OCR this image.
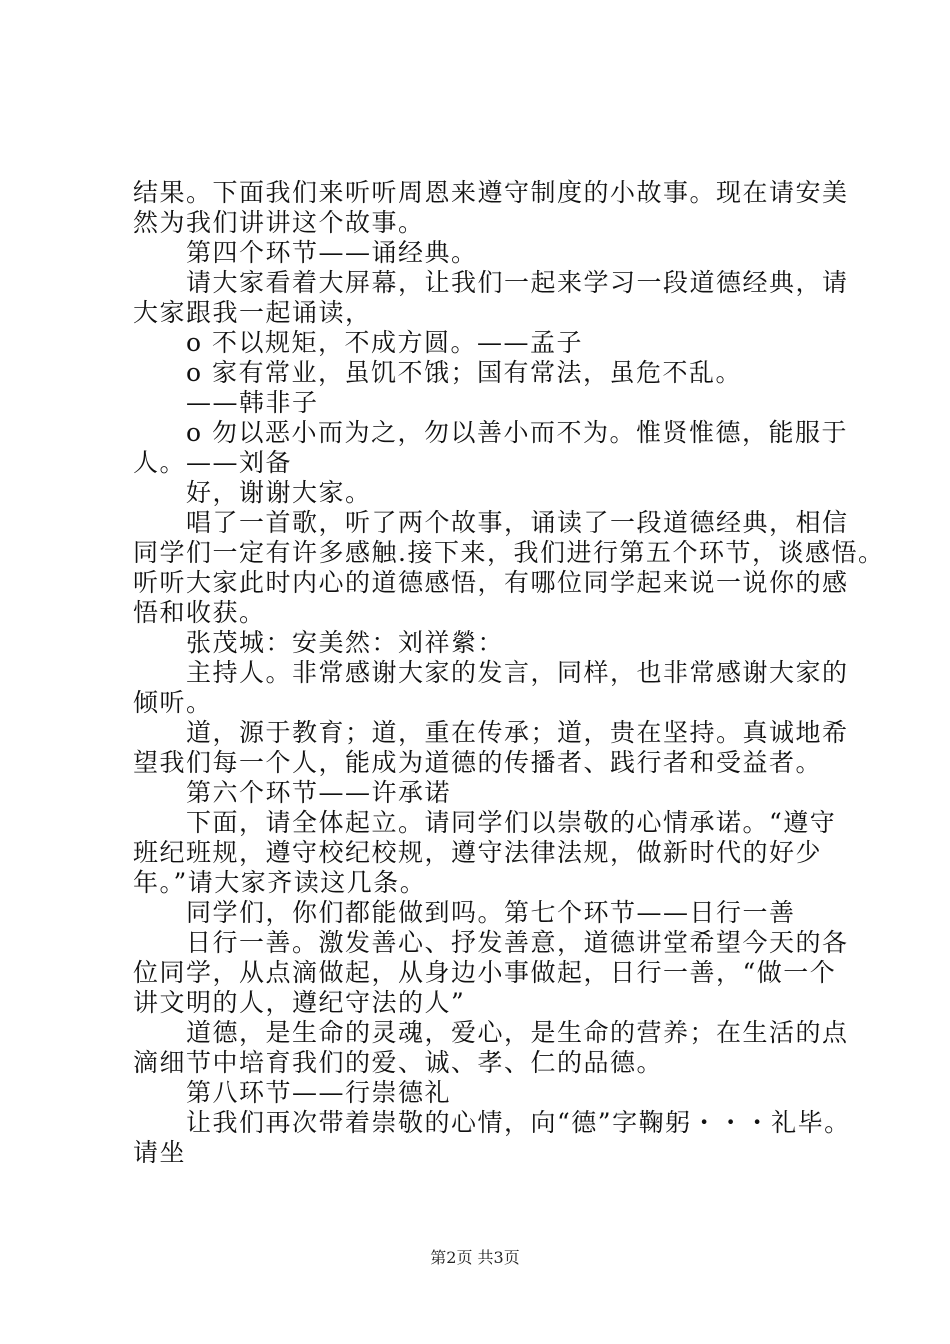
结果。下面我们来听听周恩来遵守制度的小故事。现在请安美
然为我们讲讲这个故事。
　　第四个环节——诵经典。
　　请大家看着大屏幕，让我们一起来学习一段道德经典，请
大家跟我一起诵读，
　　o 不以规矩，不成方圆。——孟子
　　o 家有常业，虽饥不饿；国有常法，虽危不乱。
　　——韩非子
　　o 勿以恶小而为之，勿以善小而不为。惟贤惟德，能服于
人。——刘备
　　好，谢谢大家。
　　唱了一首歌，听了两个故事，诵读了一段道德经典，相信
同学们一定有许多感触.接下来，我们进行第五个环节，谈感悟。
听听大家此时内心的道德感悟，有哪位同学起来说一说你的感
悟和收获。
　　张茂城：安美然：刘祥縈：
　　主持人。非常感谢大家的发言，同样，也非常感谢大家的
倾听。
　　道，源于教育；道，重在传承；道，贵在坚持。真诚地希
望我们每一个人，能成为道德的传播者、践行者和受益者。
　　第六个环节——许承诺
　　下面，请全体起立。请同学们以崇敬的心情承诺。“遵守
班纪班规，遵守校纪校规，遵守法律法规，做新时代的好少
年。”请大家齐读这几条。
　　同学们，你们都能做到吗。第七个环节——日行一善
　　日行一善。激发善心、抒发善意，道德讲堂希望今天的各
位同学，从点滴做起，从身边小事做起，日行一善，“做一个
讲文明的人，遵纪守法的人”
　　道德，是生命的灵魂，爱心，是生命的营养；在生活的点
滴细节中培育我们的爱、诚、孝、仁的品德。
　　第八环节——行崇德礼
　　让我们再次带着崇敬的心情，向“德”字鞠躬・・・礼毕。
请坐
第2页 共3页
